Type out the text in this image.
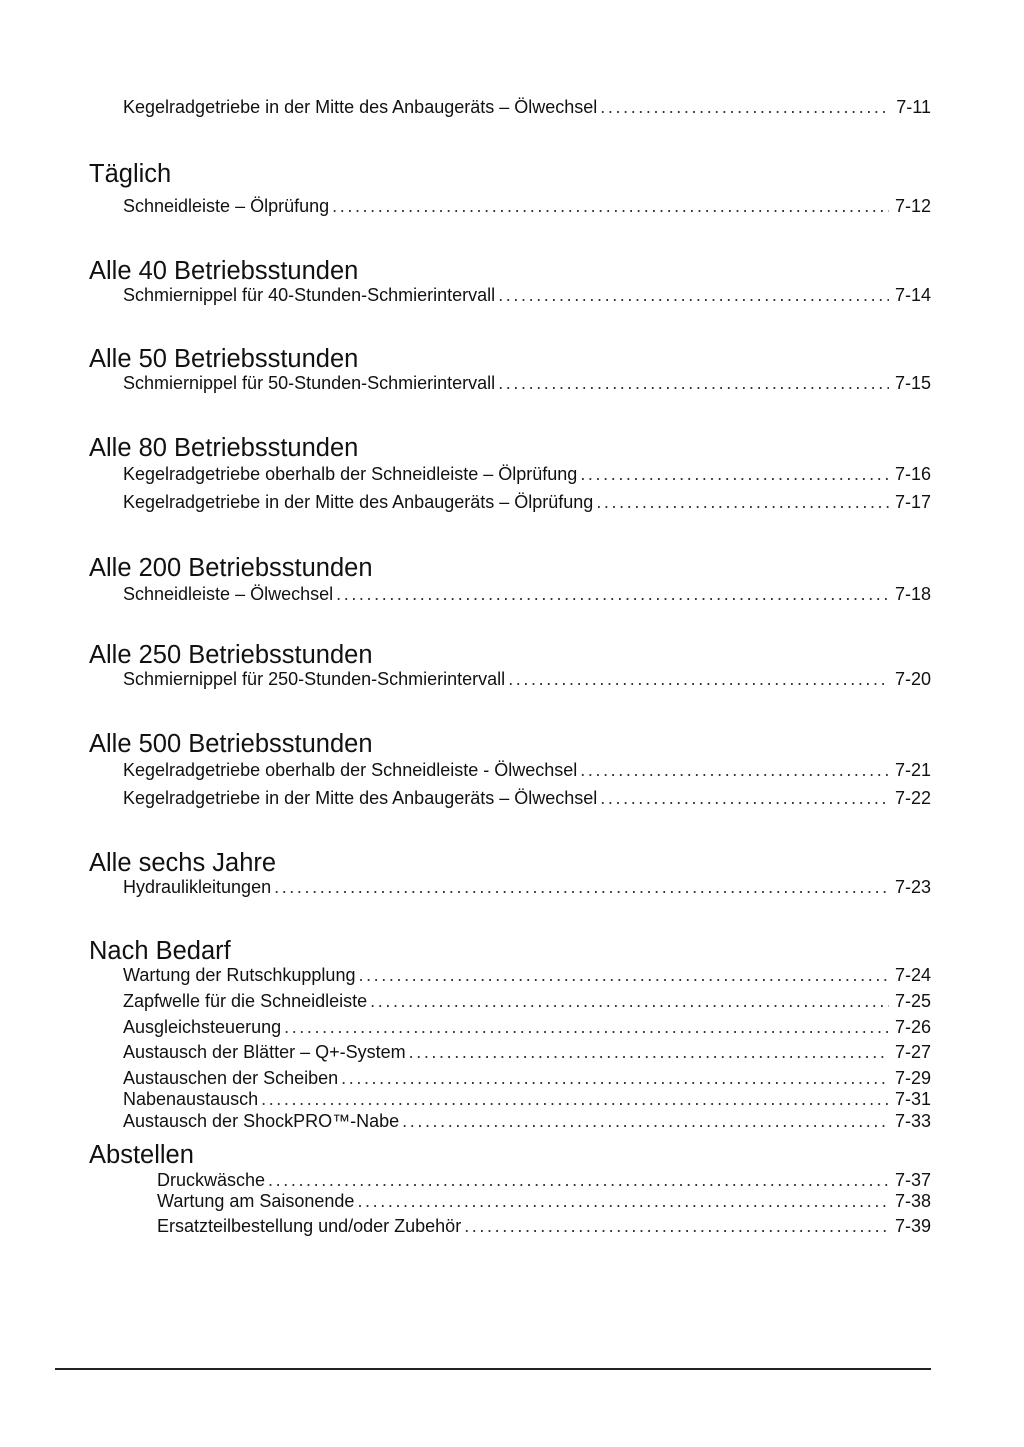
Kegelradgetriebe in der Mitte des Anbaugeräts – Ölwechsel .....	7-11
Täglich
Schneidleiste – Ölprüfung .....	7-12
Alle 40 Betriebsstunden
Schmiernippel für 40-Stunden-Schmierintervall .....	7-14
Alle 50 Betriebsstunden
Schmiernippel für 50-Stunden-Schmierintervall .....	7-15
Alle 80 Betriebsstunden
Kegelradgetriebe oberhalb der Schneidleiste – Ölprüfung .....	7-16
Kegelradgetriebe in der Mitte des Anbaugeräts – Ölprüfung .....	7-17
Alle 200 Betriebsstunden
Schneidleiste – Ölwechsel .....	7-18
Alle 250 Betriebsstunden
Schmiernippel für 250-Stunden-Schmierintervall .....	7-20
Alle 500 Betriebsstunden
Kegelradgetriebe oberhalb der Schneidleiste - Ölwechsel .....	7-21
Kegelradgetriebe in der Mitte des Anbaugeräts – Ölwechsel .....	7-22
Alle sechs Jahre
Hydraulikleitungen .....	7-23
Nach Bedarf
Wartung der Rutschkupplung .....	7-24
Zapfwelle für die Schneidleiste .....	7-25
Ausgleichsteuerung .....	7-26
Austausch der Blätter – Q+-System .....	7-27
Austauschen der Scheiben .....	7-29
Nabenaustausch .....	7-31
Austausch der ShockPRO™-Nabe .....	7-33
Abstellen
Druckwäsche .....	7-37
Wartung am Saisonende .....	7-38
Ersatzteilbestellung und/oder Zubehör .....	7-39
